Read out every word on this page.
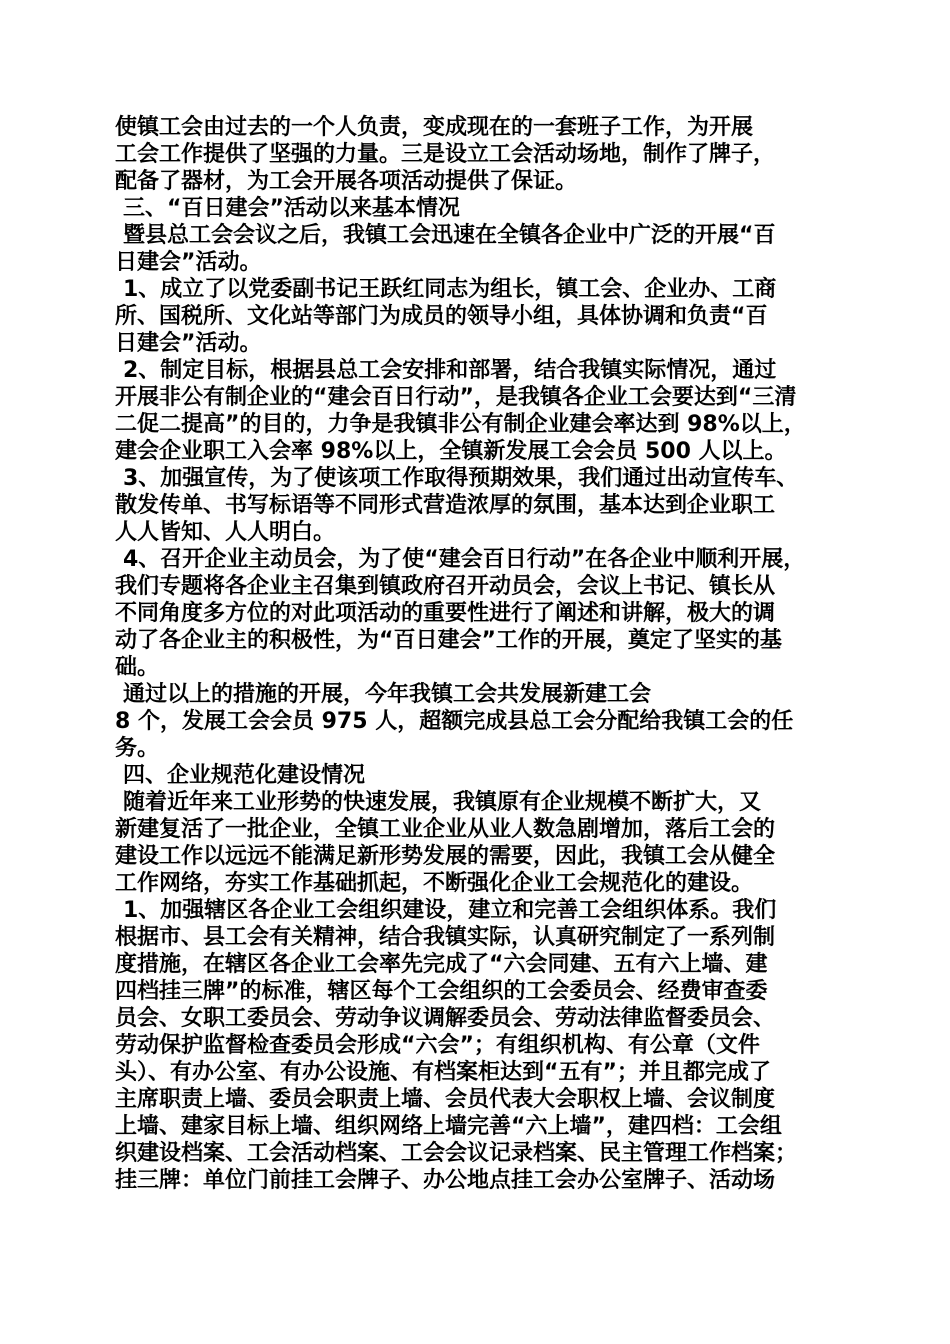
使镇工会由过去的一个人负责，变成现在的一套班子工作，为开展
工会工作提供了坚强的力量。三是设立工会活动场地，制作了牌子，
配备了器材，为工会开展各项活动提供了保证。
三、“百日建会”活动以来基本情况
暨县总工会会议之后，我镇工会迅速在全镇各企业中广泛的开展“百
日建会”活动。
1、成立了以党委副书记王跃红同志为组长，镇工会、企业办、工商
所、国税所、文化站等部门为成员的领导小组，具体协调和负责“百
日建会”活动。
2、制定目标，根据县总工会安排和部署，结合我镇实际情况，通过
开展非公有制企业的“建会百日行动”，是我镇各企业工会要达到“三清
二促二提高”的目的，力争是我镇非公有制企业建会率达到 98%以上，
建会企业职工入会率 98%以上，全镇新发展工会会员 500 人以上。
3、加强宣传，为了使该项工作取得预期效果，我们通过出动宣传车、
散发传单、书写标语等不同形式营造浓厚的氛围，基本达到企业职工
人人皆知、人人明白。
4、召开企业主动员会，为了使“建会百日行动”在各企业中顺利开展，
我们专题将各企业主召集到镇政府召开动员会，会议上书记、镇长从
不同角度多方位的对此项活动的重要性进行了阐述和讲解，极大的调
动了各企业主的积极性，为“百日建会”工作的开展，奠定了坚实的基
础。
通过以上的措施的开展，今年我镇工会共发展新建工会
8 个，发展工会会员 975 人，超额完成县总工会分配给我镇工会的任
务。
四、企业规范化建设情况
随着近年来工业形势的快速发展，我镇原有企业规模不断扩大，又
新建复活了一批企业，全镇工业企业从业人数急剧增加，落后工会的
建设工作以远远不能满足新形势发展的需要，因此，我镇工会从健全
工作网络，夯实工作基础抓起，不断强化企业工会规范化的建设。
1、加强辖区各企业工会组织建设，建立和完善工会组织体系。我们
根据市、县工会有关精神，结合我镇实际，认真研究制定了一系列制
度措施，在辖区各企业工会率先完成了“六会同建、五有六上墙、建
四档挂三牌”的标准，辖区每个工会组织的工会委员会、经费审查委
员会、女职工委员会、劳动争议调解委员会、劳动法律监督委员会、
劳动保护监督检查委员会形成“六会”；有组织机构、有公章（文件
头）、有办公室、有办公设施、有档案柜达到“五有”；并且都完成了
主席职责上墙、委员会职责上墙、会员代表大会职权上墙、会议制度
上墙、建家目标上墙、组织网络上墙完善“六上墙”，建四档：工会组
织建设档案、工会活动档案、工会会议记录档案、民主管理工作档案；
挂三牌：单位门前挂工会牌子、办公地点挂工会办公室牌子、活动场
